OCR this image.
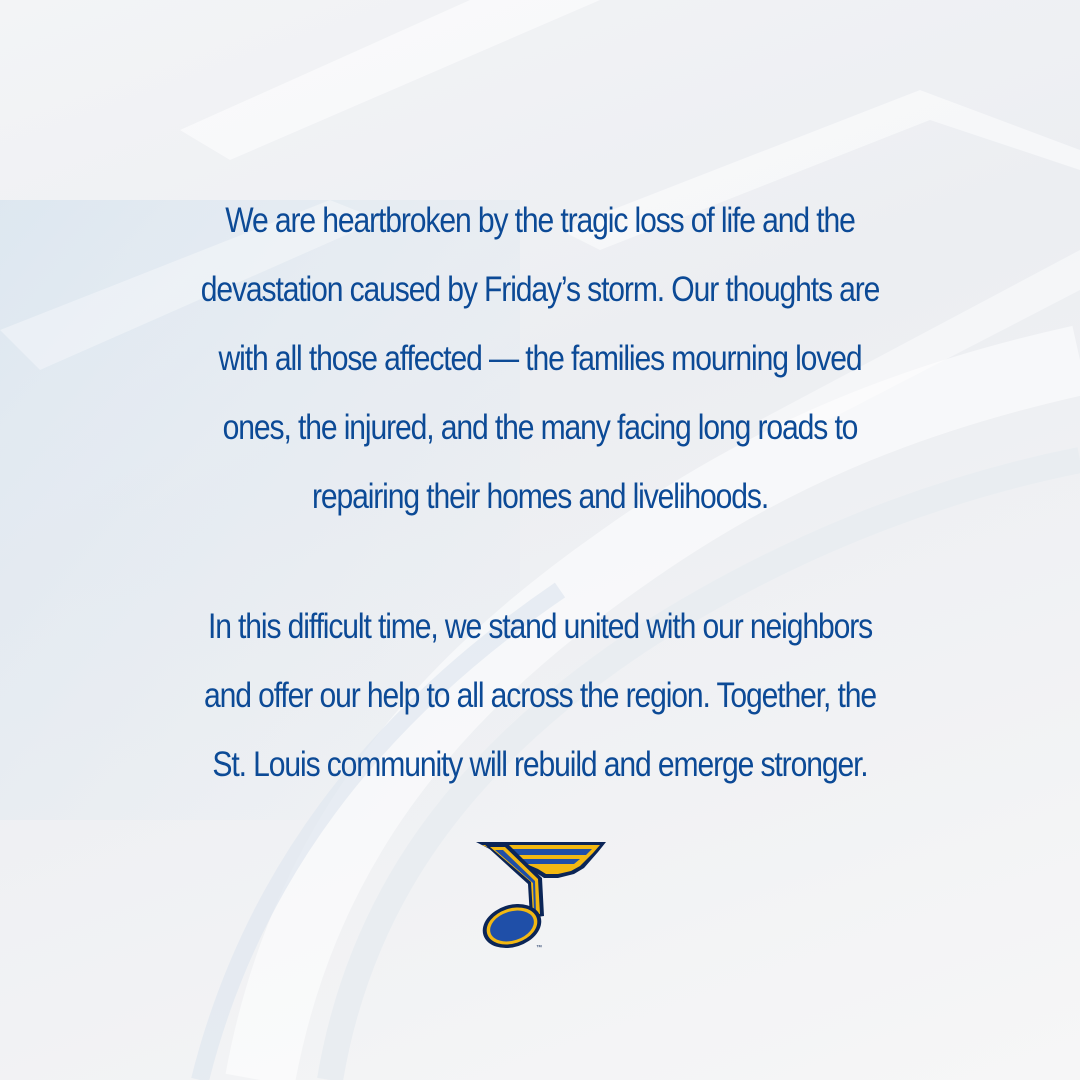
We are heartbroken by the tragic loss of life and the
devastation caused by Friday’s storm. Our thoughts are
with all those affected — the families mourning loved
ones, the injured, and the many facing long roads to
repairing their homes and livelihoods.

In this difficult time, we stand united with our neighbors
and offer our help to all across the region. Together, the
St. Louis community will rebuild and emerge stronger.

™
